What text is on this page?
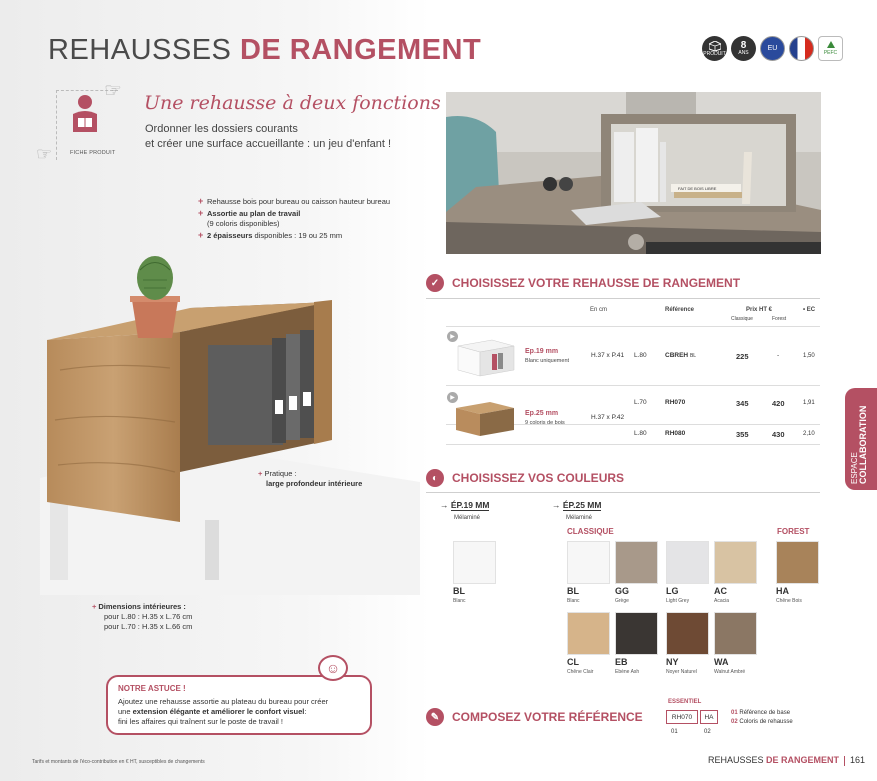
REHAUSSES DE RANGEMENT	PRODUIT
8
ANS
EU
PEFC
☞
☞	FICHE PRODUIT
Une rehausse à deux fonctions
Ordonner les dossiers courants
et créer une surface accueillante : un jeu d'enfant !
+ Rehausse bois pour bureau ou caisson hauteur bureau
+ Assortie au plan de travail
(9 coloris disponibles)
+ 2 épaisseurs disponibles : 19 ou 25 mm
+ Pratique :
large profondeur intérieure
+ Dimensions intérieures :
pour L.80 : H.35 x L.76 cm
pour L.70 : H.35 x L.66 cm
NOTRE ASTUCE !
Ajoutez une rehausse assortie au plateau du bureau pour créer
une extension élégante et améliorer le confort visuel:
fini les affaires qui traînent sur le poste de travail !
☺
Tarifs et montants de l'éco-contribution en € HT, susceptibles de changements
FAIT DE BOIS LIBRE
✓	CHOISISSEZ VOTRE REHAUSSE DE RANGEMENT
En cm	Référence	Prix HT €
Classique	Forest
• EC
▶
Ep.19 mm
Blanc uniquement
H.37 x P.41 L.80	CBREH BL	225	-	1,50
▶
Ep.25 mm
9 coloris de bois
H.37 x P.42
L.70	RH070	345	420	1,91
L.80	RH080	355	430	2,10
◐	CHOISISSEZ VOS COULEURS
→ ÉP.19 MM
Mélaminé
→ ÉP.25 MM
Mélaminé
CLASSIQUE	FOREST
BL
Blanc
BL
Blanc
GG
Grège
LG
Light Grey
AC
Acacia
HA
Chêne Bois
CL
Chêne Clair
EB
Ebène Ash
NY
Noyer Naturel
WA
Walnut Ambré
✎	COMPOSEZ VOTRE RÉFÉRENCE
ESSENTIEL
RH070	HA
01	02
01 Référence de base
02 Coloris de rehausse
ESPACE COLLABORATION
REHAUSSES DE RANGEMENT 161
